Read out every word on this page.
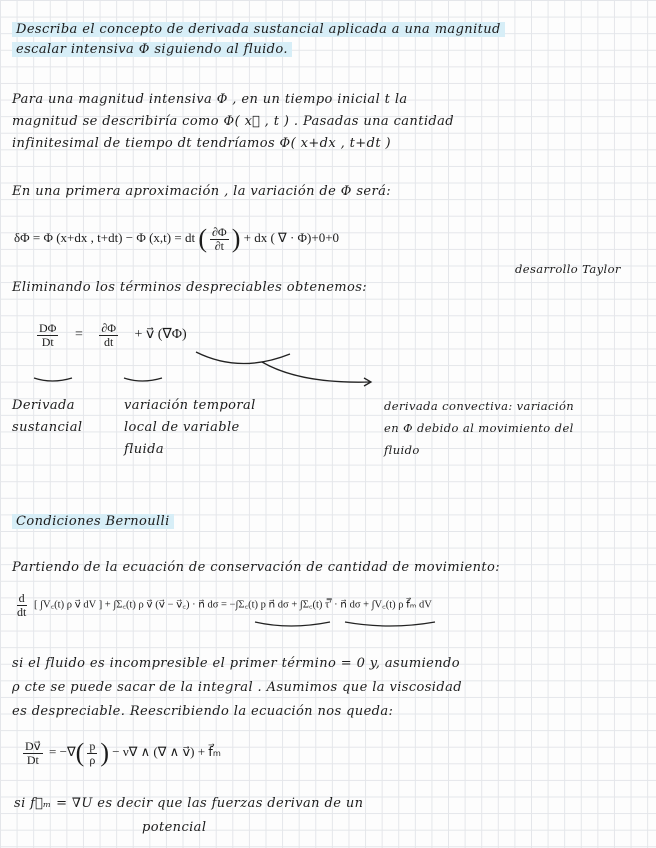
Describa el concepto de derivada sustancial aplicada a una magnitud
escalar intensiva Φ siguiendo al fluido.
Para una magnitud intensiva Φ , en un tiempo inicial t la
magnitud se describiría como Φ( x⃗ , t ) . Pasadas una cantidad
infinitesimal de tiempo dt tendríamos Φ( x+dx , t+dt )
En una primera aproximación , la variación de Φ será:
δΦ = Φ (x+dx , t+dt) − Φ (x,t) = dt ( $\frac{\partial\Phi}{\partial t}$ ) + dx ( ∇ · Φ)+0+0
desarrollo Taylor
Eliminando los términos despreciables obtenemos:
$\frac{D\Phi}{Dt} = \frac{\partial\Phi}{dt}$ + v⃗ (∇Φ)
Derivada
sustancial
variación temporal
local de variable
fluida
derivada convectiva: variación
en Φ debido al movimiento del
fluido
Condiciones Bernoulli
Partiendo de la ecuación de conservación de cantidad de movimiento:
$\frac{d}{dt}$ [ ∫V꜀(t) ρ v⃗ dV ] + ∫Σ꜀(t) ρ v⃗ (v⃗ − v⃗꜀) · n⃗ dσ = −∫Σ꜀(t) p n⃗ dσ + ∫Σ꜀(t) τ̿′ · n⃗ dσ + ∫V꜀(t) ρ f⃗ₘ dV
si el fluido es incompresible el primer término = 0 y, asumiendo
ρ cte se puede sacar de la integral . Asumimos que la viscosidad
es despreciable. Reescribiendo la ecuación nos queda:
$\frac{Dv⃗}{Dt}$ = −∇( $\frac{p}{\rho}$ ) − ν∇ ∧ (∇ ∧ v⃗) + f⃗ₘ
si f⃗ₘ = ∇U es decir que las fuerzas derivan de un
potencial
